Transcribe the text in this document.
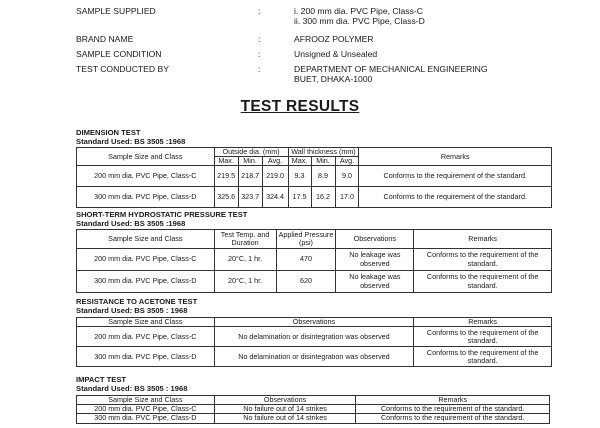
SAMPLE SUPPLIED	:	i. 200 mm dia. PVC Pipe, Class-C
ii. 300 mm dia. PVC Pipe, Class-D
BRAND NAME	:	AFROOZ POLYMER
SAMPLE CONDITION	:	Unsigned & Unsealed
TEST CONDUCTED BY	:	DEPARTMENT OF MECHANICAL ENGINEERING
BUET, DHAKA-1000
TEST RESULTS
DIMENSION TEST
Standard Used: BS 3505 :1968
Sample Size and Class	Outside dia. (mm)			Wall thickness (mm)			Remarks
	Max.	Min.	Avg.	Max.	Min.	Avg.	
200 mm dia. PVC Pipe, Class-C	219.5	218.7	219.0	9.3	8.9	9.0	Conforms to the requirement of the standard.
300 mm dia. PVC Pipe, Class-D	325.6	323.7	324.4	17.5	16.2	17.0	Conforms to the requirement of the standard.
SHORT-TERM HYDROSTATIC PRESSURE TEST
Standard Used: BS 3505 :1968
Sample Size and Class	Test Temp. and Duration	Applied Pressure (psi)	Observations	Remarks
200 mm dia. PVC Pipe, Class-C	20°C, 1 hr.	470	No leakage was observed	Conforms to the requirement of the standard.
300 mm dia. PVC Pipe, Class-D	20°C, 1 hr.	620	No leakage was observed	Conforms to the requirement of the standard.
RESISTANCE TO ACETONE TEST
Standard Used: BS 3505 : 1968
Sample Size and Class	Observations	Remarks
200 mm dia. PVC Pipe, Class-C	No delamination or disintegration was observed	Conforms to the requirement of the standard.
300 mm dia. PVC Pipe, Class-D	No delamination or disintegration was observed	Conforms to the requirement of the standard.
IMPACT TEST
Standard Used: BS 3505 : 1968
Sample Size and Class	Observations	Remarks
200 mm dia. PVC Pipe, Class-C	No failure out of 14 strikes	Conforms to the requirement of the standard.
300 mm dia. PVC Pipe, Class-D	No failure out of 14 strikes	Conforms to the requirement of the standard.
